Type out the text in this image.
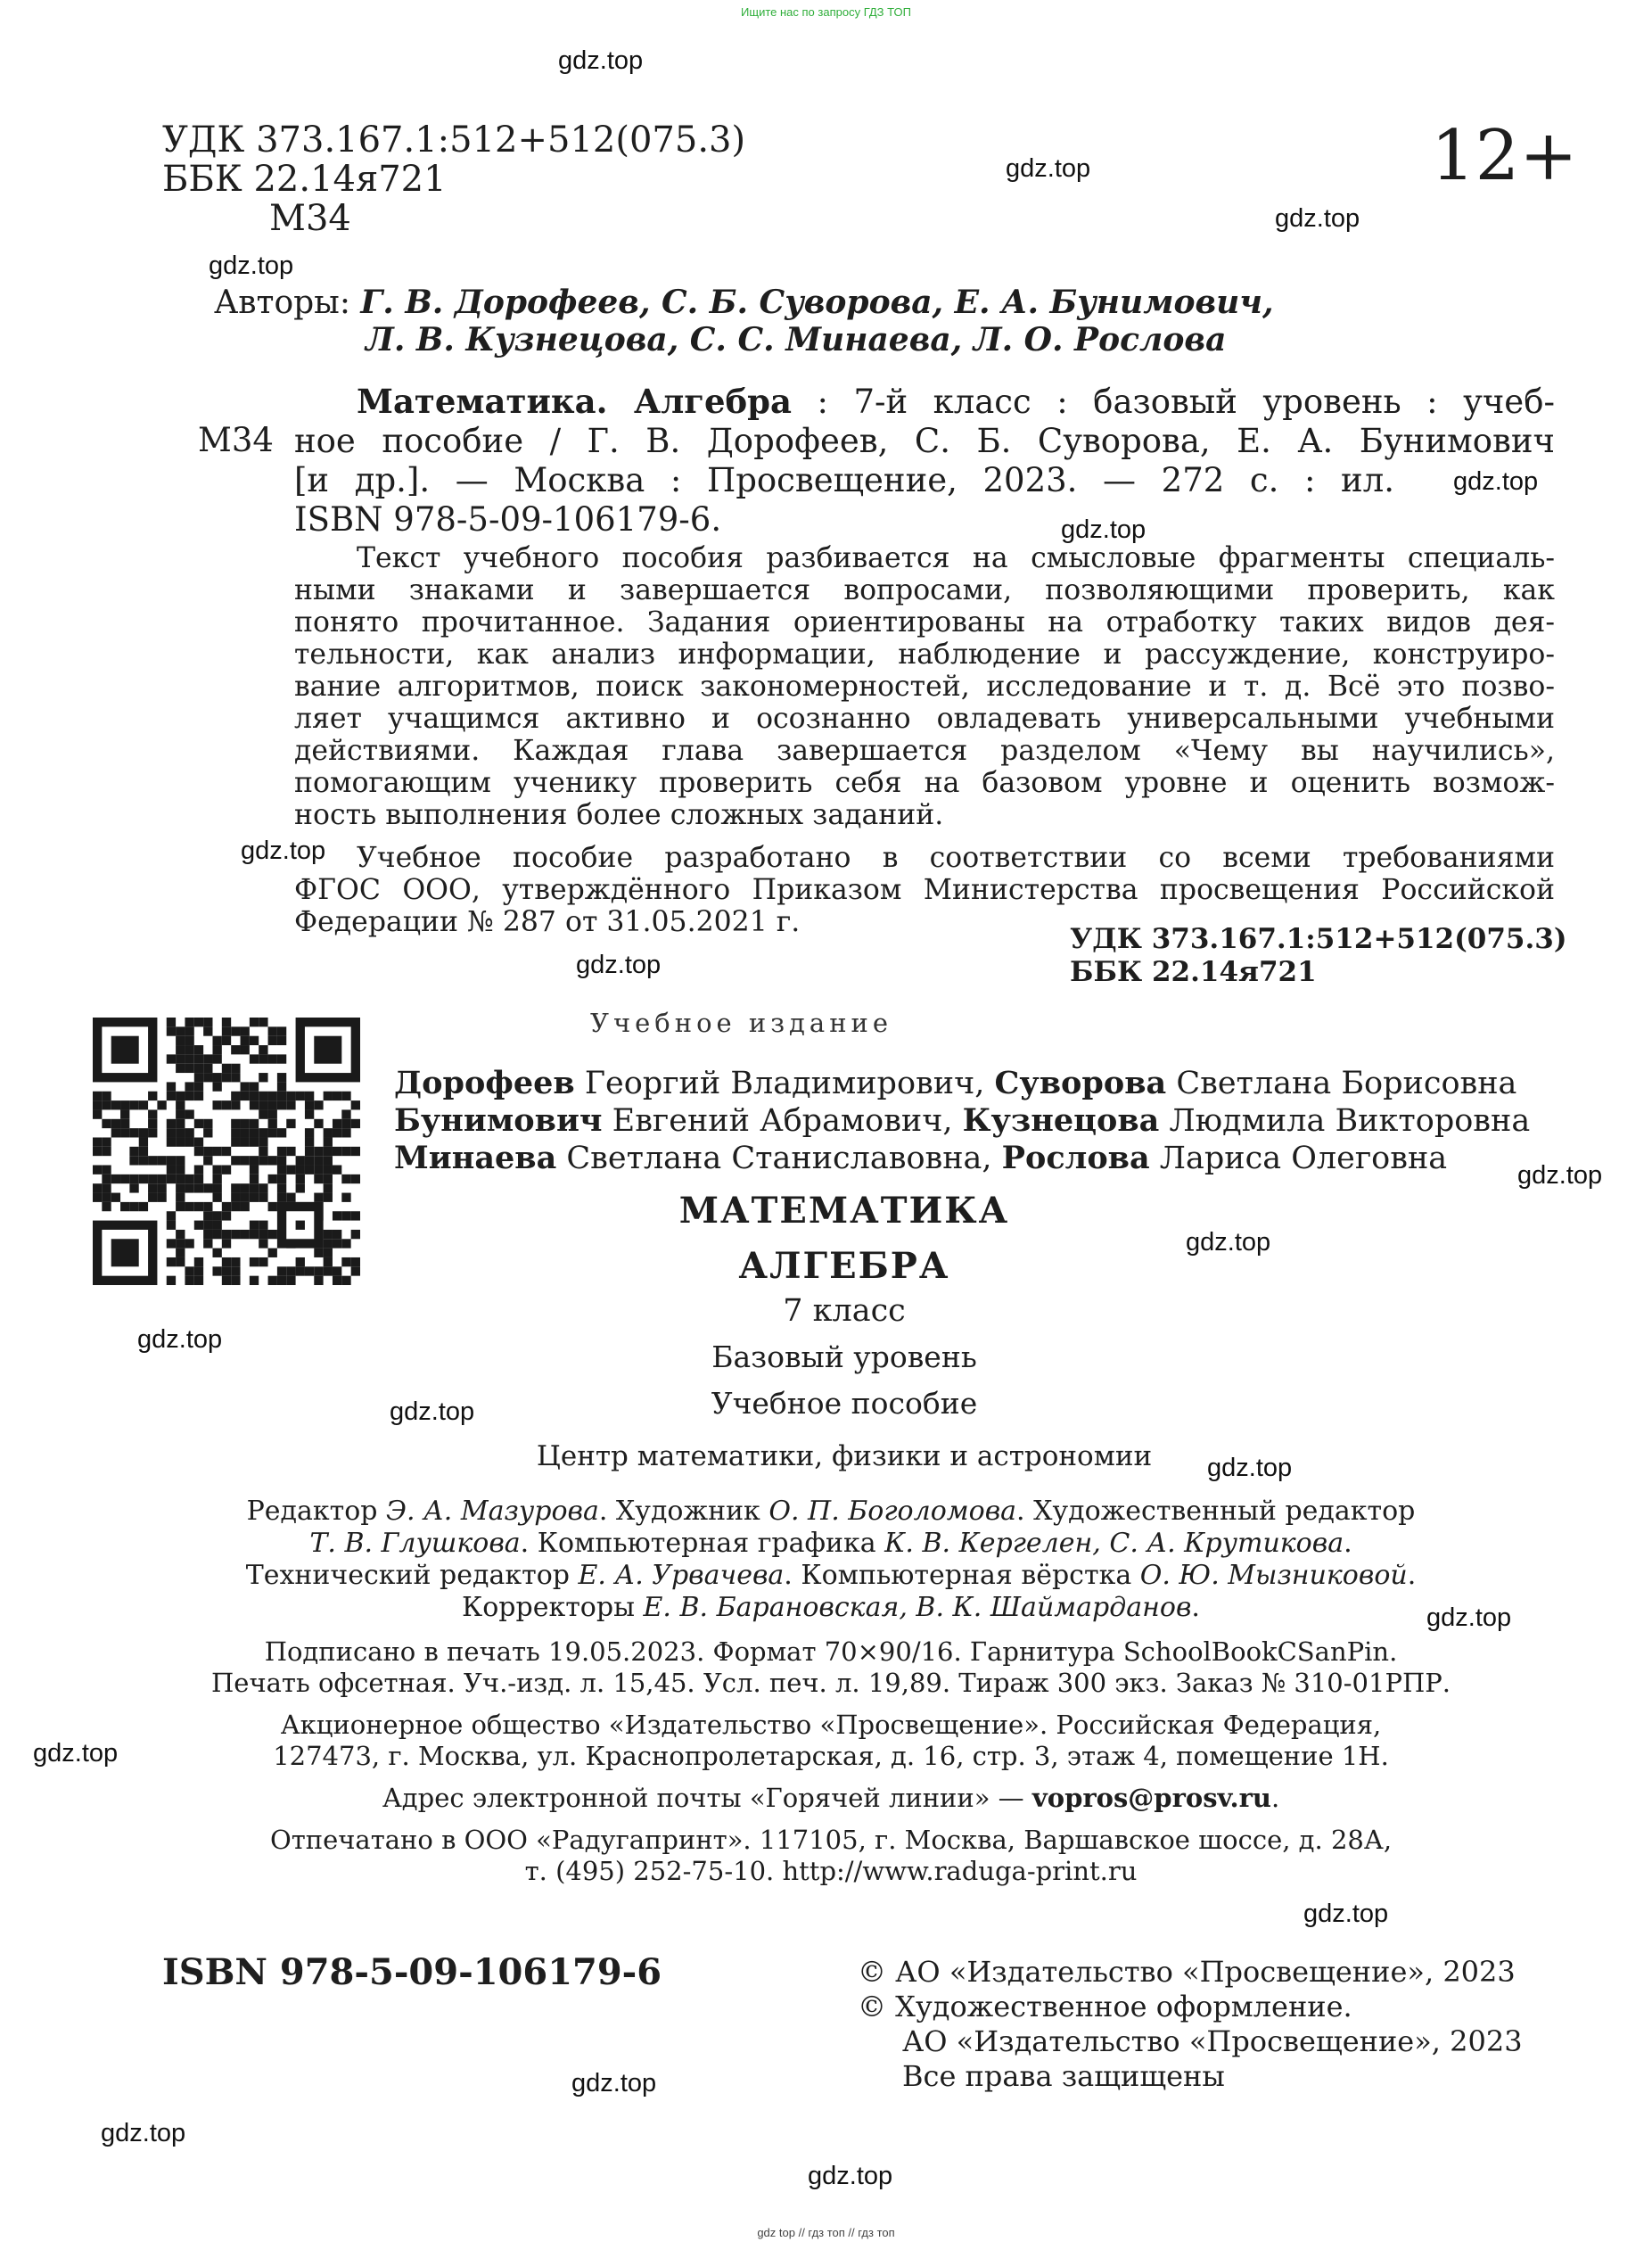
Ищите нас по запросу ГДЗ ТОП
gdz top // гдз топ // гдз топ
УДК 373.167.1:512+512(075.3)
ББК 22.14я721
М34
12+
Авторы: Г. В. Дорофеев, С. Б. Суворова, Е. А. Бунимович,
Л. В. Кузнецова, С. С. Минаева, Л. О. Рослова
М34
Математика. Алгебра : 7-й класс : базовый уровень : учеб-
ное пособие / Г. В. Дорофеев, С. Б. Суворова, Е. А. Бунимович
[и др.]. — Москва : Просвещение, 2023. — 272 с. : ил.
ISBN 978-5-09-106179-6.
Текст учебного пособия разбивается на смысловые фрагменты специаль-
ными знаками и завершается вопросами, позволяющими проверить, как
понято прочитанное. Задания ориентированы на отработку таких видов дея-
тельности, как анализ информации, наблюдение и рассуждение, конструиро-
вание алгоритмов, поиск закономерностей, исследование и т. д. Всё это позво-
ляет учащимся активно и осознанно овладевать универсальными учебными
действиями. Каждая глава завершается разделом «Чему вы научились»,
помогающим ученику проверить себя на базовом уровне и оценить возмож-
ность выполнения более сложных заданий.
Учебное пособие разработано в соответствии со всеми требованиями
ФГОС ООО, утверждённого Приказом Министерства просвещения Российской
Федерации № 287 от 31.05.2021 г.
УДК 373.167.1:512+512(075.3)
ББК 22.14я721
Учебное издание
Дорофеев Георгий Владимирович, Суворова Светлана Борисовна
Бунимович Евгений Абрамович, Кузнецова Людмила Викторовна
Минаева Светлана Станиславовна, Рослова Лариса Олеговна
МАТЕМАТИКА
АЛГЕБРА
7 класс
Базовый уровень
Учебное пособие
Центр математики, физики и астрономии
Редактор Э. А. Мазурова. Художник О. П. Боголомова. Художественный редактор
Т. В. Глушкова. Компьютерная графика К. В. Кергелен, С. А. Крутикова.
Технический редактор Е. А. Урвачева. Компьютерная вёрстка О. Ю. Мызниковой.
Корректоры Е. В. Барановская, В. К. Шаймарданов.
Подписано в печать 19.05.2023. Формат 70×90/16. Гарнитура SchoolBookCSanPin.
Печать офсетная. Уч.-изд. л. 15,45. Усл. печ. л. 19,89. Тираж 300 экз. Заказ № 310-01РПР.
Акционерное общество «Издательство «Просвещение». Российская Федерация,
127473, г. Москва, ул. Краснопролетарская, д. 16, стр. 3, этаж 4, помещение 1Н.
Адрес электронной почты «Горячей линии» — vopros@prosv.ru.
Отпечатано в ООО «Радугапринт». 117105, г. Москва, Варшавское шоссе, д. 28А,
т. (495) 252-75-10. http://www.raduga-print.ru
ISBN 978-5-09-106179-6	© АО «Издательство «Просвещение», 2023
© Художественное оформление.
АО «Издательство «Просвещение», 2023
Все права защищены
gdz.top
gdz.top
gdz.top
gdz.top
gdz.top
gdz.top
gdz.top
gdz.top
gdz.top
gdz.top
gdz.top
gdz.top
gdz.top
gdz.top
gdz.top
gdz.top
gdz.top
gdz.top
gdz.top
